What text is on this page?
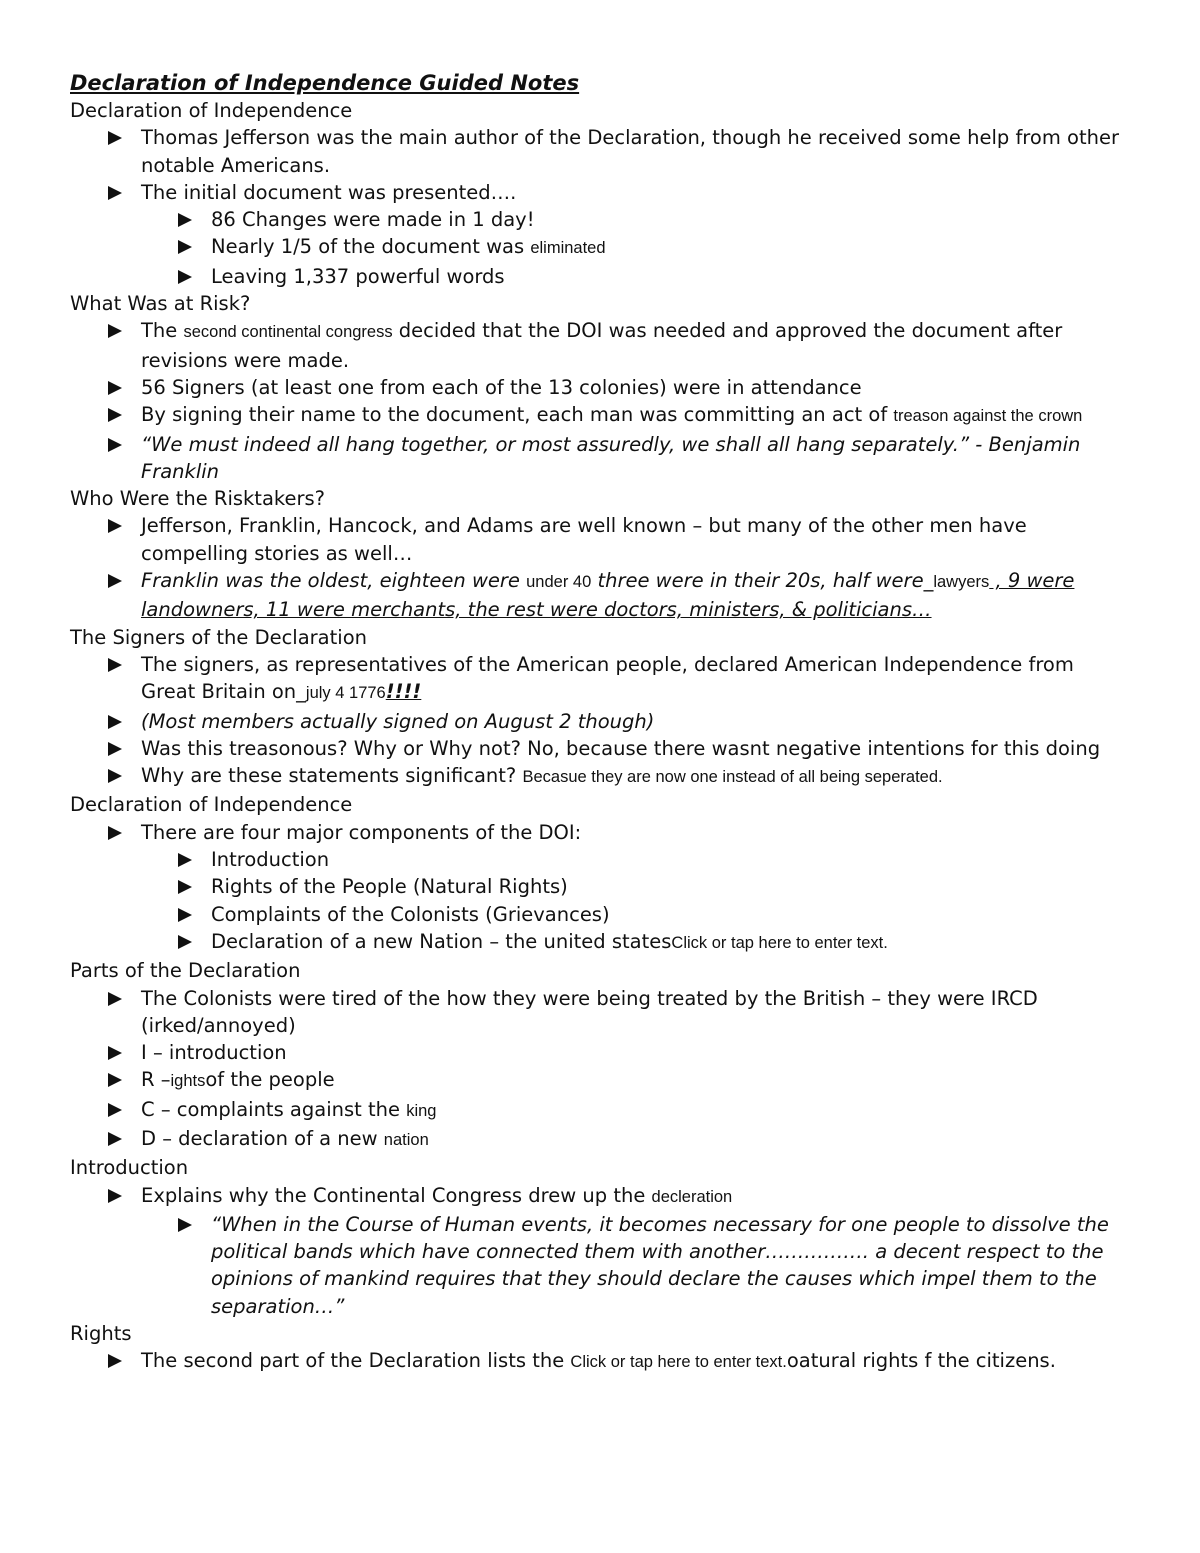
Declaration of Independence Guided Notes

Declaration of Independence

Thomas Jefferson was the main author of the Declaration, though he received some help from other notable Americans.

The initial document was presented….

86 Changes were made in 1 day!

Nearly 1/5 of the document was eliminated

Leaving 1,337 powerful words

What Was at Risk?

The second continental congress decided that the DOI was needed and approved the document after revisions were made.

56 Signers (at least one from each of the 13 colonies) were in attendance

By signing their name to the document, each man was committing an act of treason against the crown

“We must indeed all hang together, or most assuredly, we shall all hang separately.” - Benjamin Franklin

Who Were the Risktakers?

Jefferson, Franklin, Hancock, and Adams are well known – but many of the other men have compelling stories as well…

Franklin was the oldest, eighteen were under 40 three were in their 20s, half were_lawyers , 9 were landowners, 11 were merchants, the rest were doctors, ministers, & politicians…

The Signers of the Declaration

The signers, as representatives of the American people, declared American Independence from Great Britain on_july 4 1776!!!!

(Most members actually signed on August 2 though)

Was this treasonous? Why or Why not? No, because there wasnt negative intentions for this doing

Why are these statements significant? Becasue they are now one instead of all being seperated.

Declaration of Independence

There are four major components of the DOI:

Introduction

Rights of the People (Natural Rights)

Complaints of the Colonists (Grievances)

Declaration of a new Nation – the united statesClick or tap here to enter text.

Parts of the Declaration

The Colonists were tired of the how they were being treated by the British – they were IRCD (irked/annoyed)

I – introduction

R –ightsof the people

C – complaints against the king

D – declaration of a new nation

Introduction

Explains why the Continental Congress drew up the decleration

“When in the Course of Human events, it becomes necessary for one people to dissolve the political bands which have connected them with another……………. a decent respect to the opinions of mankind requires that they should declare the causes which impel them to the separation…”

Rights

The second part of the Declaration lists the Click or tap here to enter text.oatural rights f the citizens.
